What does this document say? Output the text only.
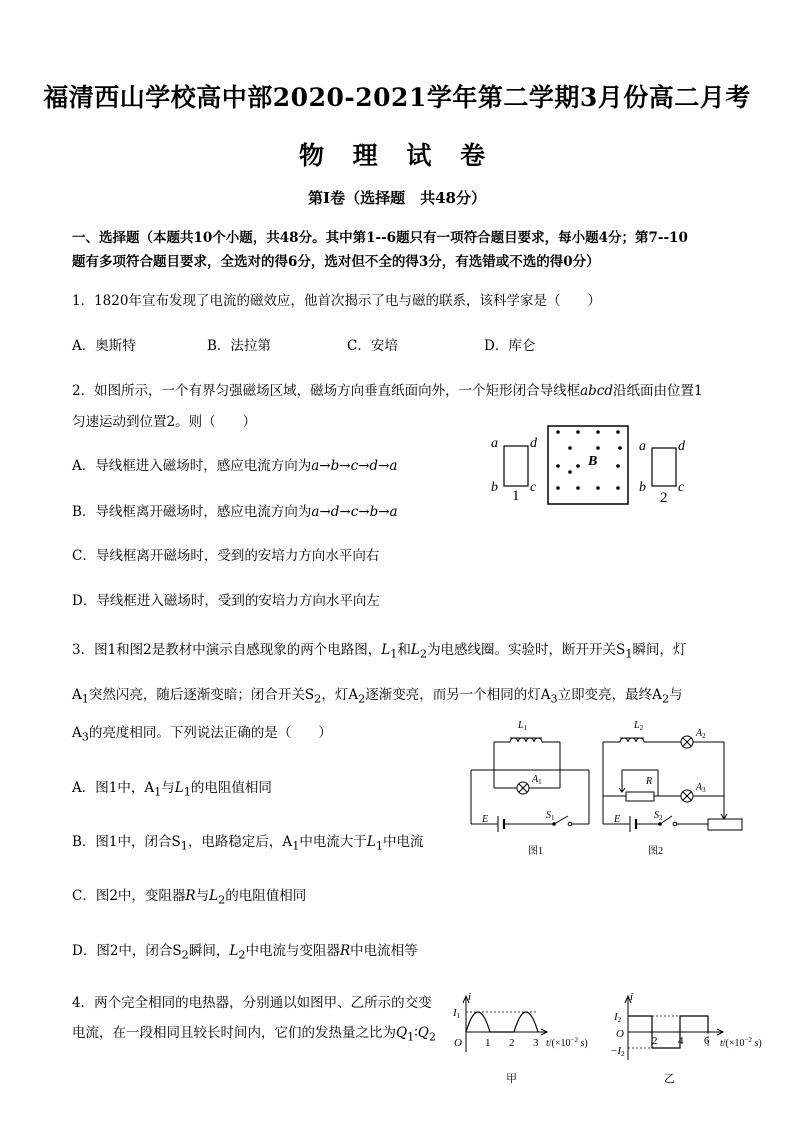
福清西山学校高中部2020-2021学年第二学期3月份高二月考
物 理 试 卷
第Ⅰ卷（选择题　共48分）
一、选择题（本题共10个小题，共48分。其中第1--6题只有一项符合题目要求，每小题4分；第7--10
题有多项符合题目要求，全选对的得6分，选对但不全的得3分，有选错或不选的得0分）
1．1820年宣布发现了电流的磁效应，他首次揭示了电与磁的联系，该科学家是（　　）
A．奥斯特	B．法拉第	C．安培	D．库仑
2．如图所示，一个有界匀强磁场区域，磁场方向垂直纸面向外，一个矩形闭合导线框abcd沿纸面由位置1
匀速运动到位置2。则（　　）
A．导线框进入磁场时，感应电流方向为a→b→c→d→a
B．导线框离开磁场时，感应电流方向为a→d→c→b→a
C．导线框离开磁场时，受到的安培力方向水平向右
D．导线框进入磁场时，受到的安培力方向水平向左
a d
b c
1
B
a d
b c
2
3．图1和图2是教材中演示自感现象的两个电路图，$L_1$和$L_2$为电感线圈。实验时，断开开关$S_1$瞬间，灯
$A_1$突然闪亮，随后逐渐变暗；闭合开关$S_2$，灯$A_2$逐渐变亮，而另一个相同的灯$A_3$立即变亮，最终$A_2$与
$A_3$的亮度相同。下列说法正确的是（　　）
A．图1中，$A_1$与$L_1$的电阻值相同
B．图1中，闭合$S_1$，电路稳定后，$A_1$中电流大于$L_1$中电流
C．图2中，变阻器R与$L_2$的电阻值相同
D．图2中，闭合$S_2$瞬间，$L_2$中电流与变阻器R中电流相等
$L_1$
$A_1$
E	$S_1$
图1
$L_2$	$A_2$
R
$A_3$
E	$S_2$
图2
4．两个完全相同的电热器，分别通以如图甲、乙所示的交变
电流，在一段相同且较长时间内，它们的发热量之比为$Q_1∶Q_2$
i
I1
O 1 2 3 $t/(\times 10^{-2}$ s)
甲
i
I2
O
−I2
2 4 6 $t/(\times 10^{-2}$ s)
乙
